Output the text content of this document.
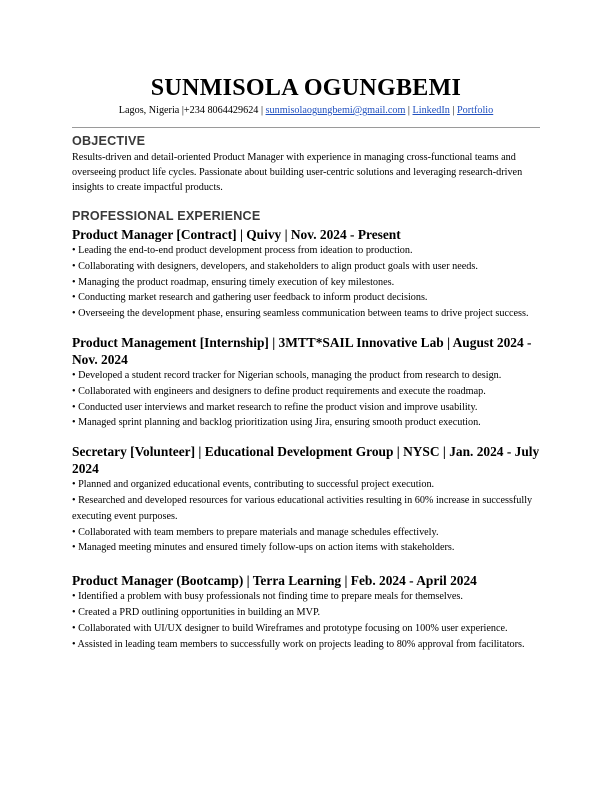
SUNMISOLA OGUNGBEMI
Lagos, Nigeria |+234 8064429624 | sunmisolaogungbemi@gmail.com | LinkedIn | Portfolio
OBJECTIVE

Results-driven and detail-oriented Product Manager with experience in managing cross-functional teams and overseeing product life cycles. Passionate about building user-centric solutions and leveraging research-driven insights to create impactful products.

PROFESSIONAL EXPERIENCE
Product Manager [Contract] | Quivy | Nov. 2024 - Present
• Leading the end-to-end product development process from ideation to production.
• Collaborating with designers, developers, and stakeholders to align product goals with user needs.
• Managing the product roadmap, ensuring timely execution of key milestones.
• Conducting market research and gathering user feedback to inform product decisions.
• Overseeing the development phase, ensuring seamless communication between teams to drive project success.
Product Management [Internship] | 3MTT*SAIL Innovative Lab | August 2024 - Nov. 2024
• Developed a student record tracker for Nigerian schools, managing the product from research to design.
• Collaborated with engineers and designers to define product requirements and execute the roadmap.
• Conducted user interviews and market research to refine the product vision and improve usability.
• Managed sprint planning and backlog prioritization using Jira, ensuring smooth product execution.
Secretary [Volunteer] | Educational Development Group | NYSC | Jan. 2024 - July 2024
• Planned and organized educational events, contributing to successful project execution.
• Researched and developed resources for various educational activities resulting in 60% increase in successfully executing event purposes.
• Collaborated with team members to prepare materials and manage schedules effectively.
• Managed meeting minutes and ensured timely follow-ups on action items with stakeholders.
Product Manager (Bootcamp) | Terra Learning | Feb. 2024 - April 2024
• Identified a problem with busy professionals not finding time to prepare meals for themselves.
• Created a PRD outlining opportunities in building an MVP.
• Collaborated with UI/UX designer to build Wireframes and prototype focusing on 100% user experience.
• Assisted in leading team members to successfully work on projects leading to 80% approval from facilitators.
